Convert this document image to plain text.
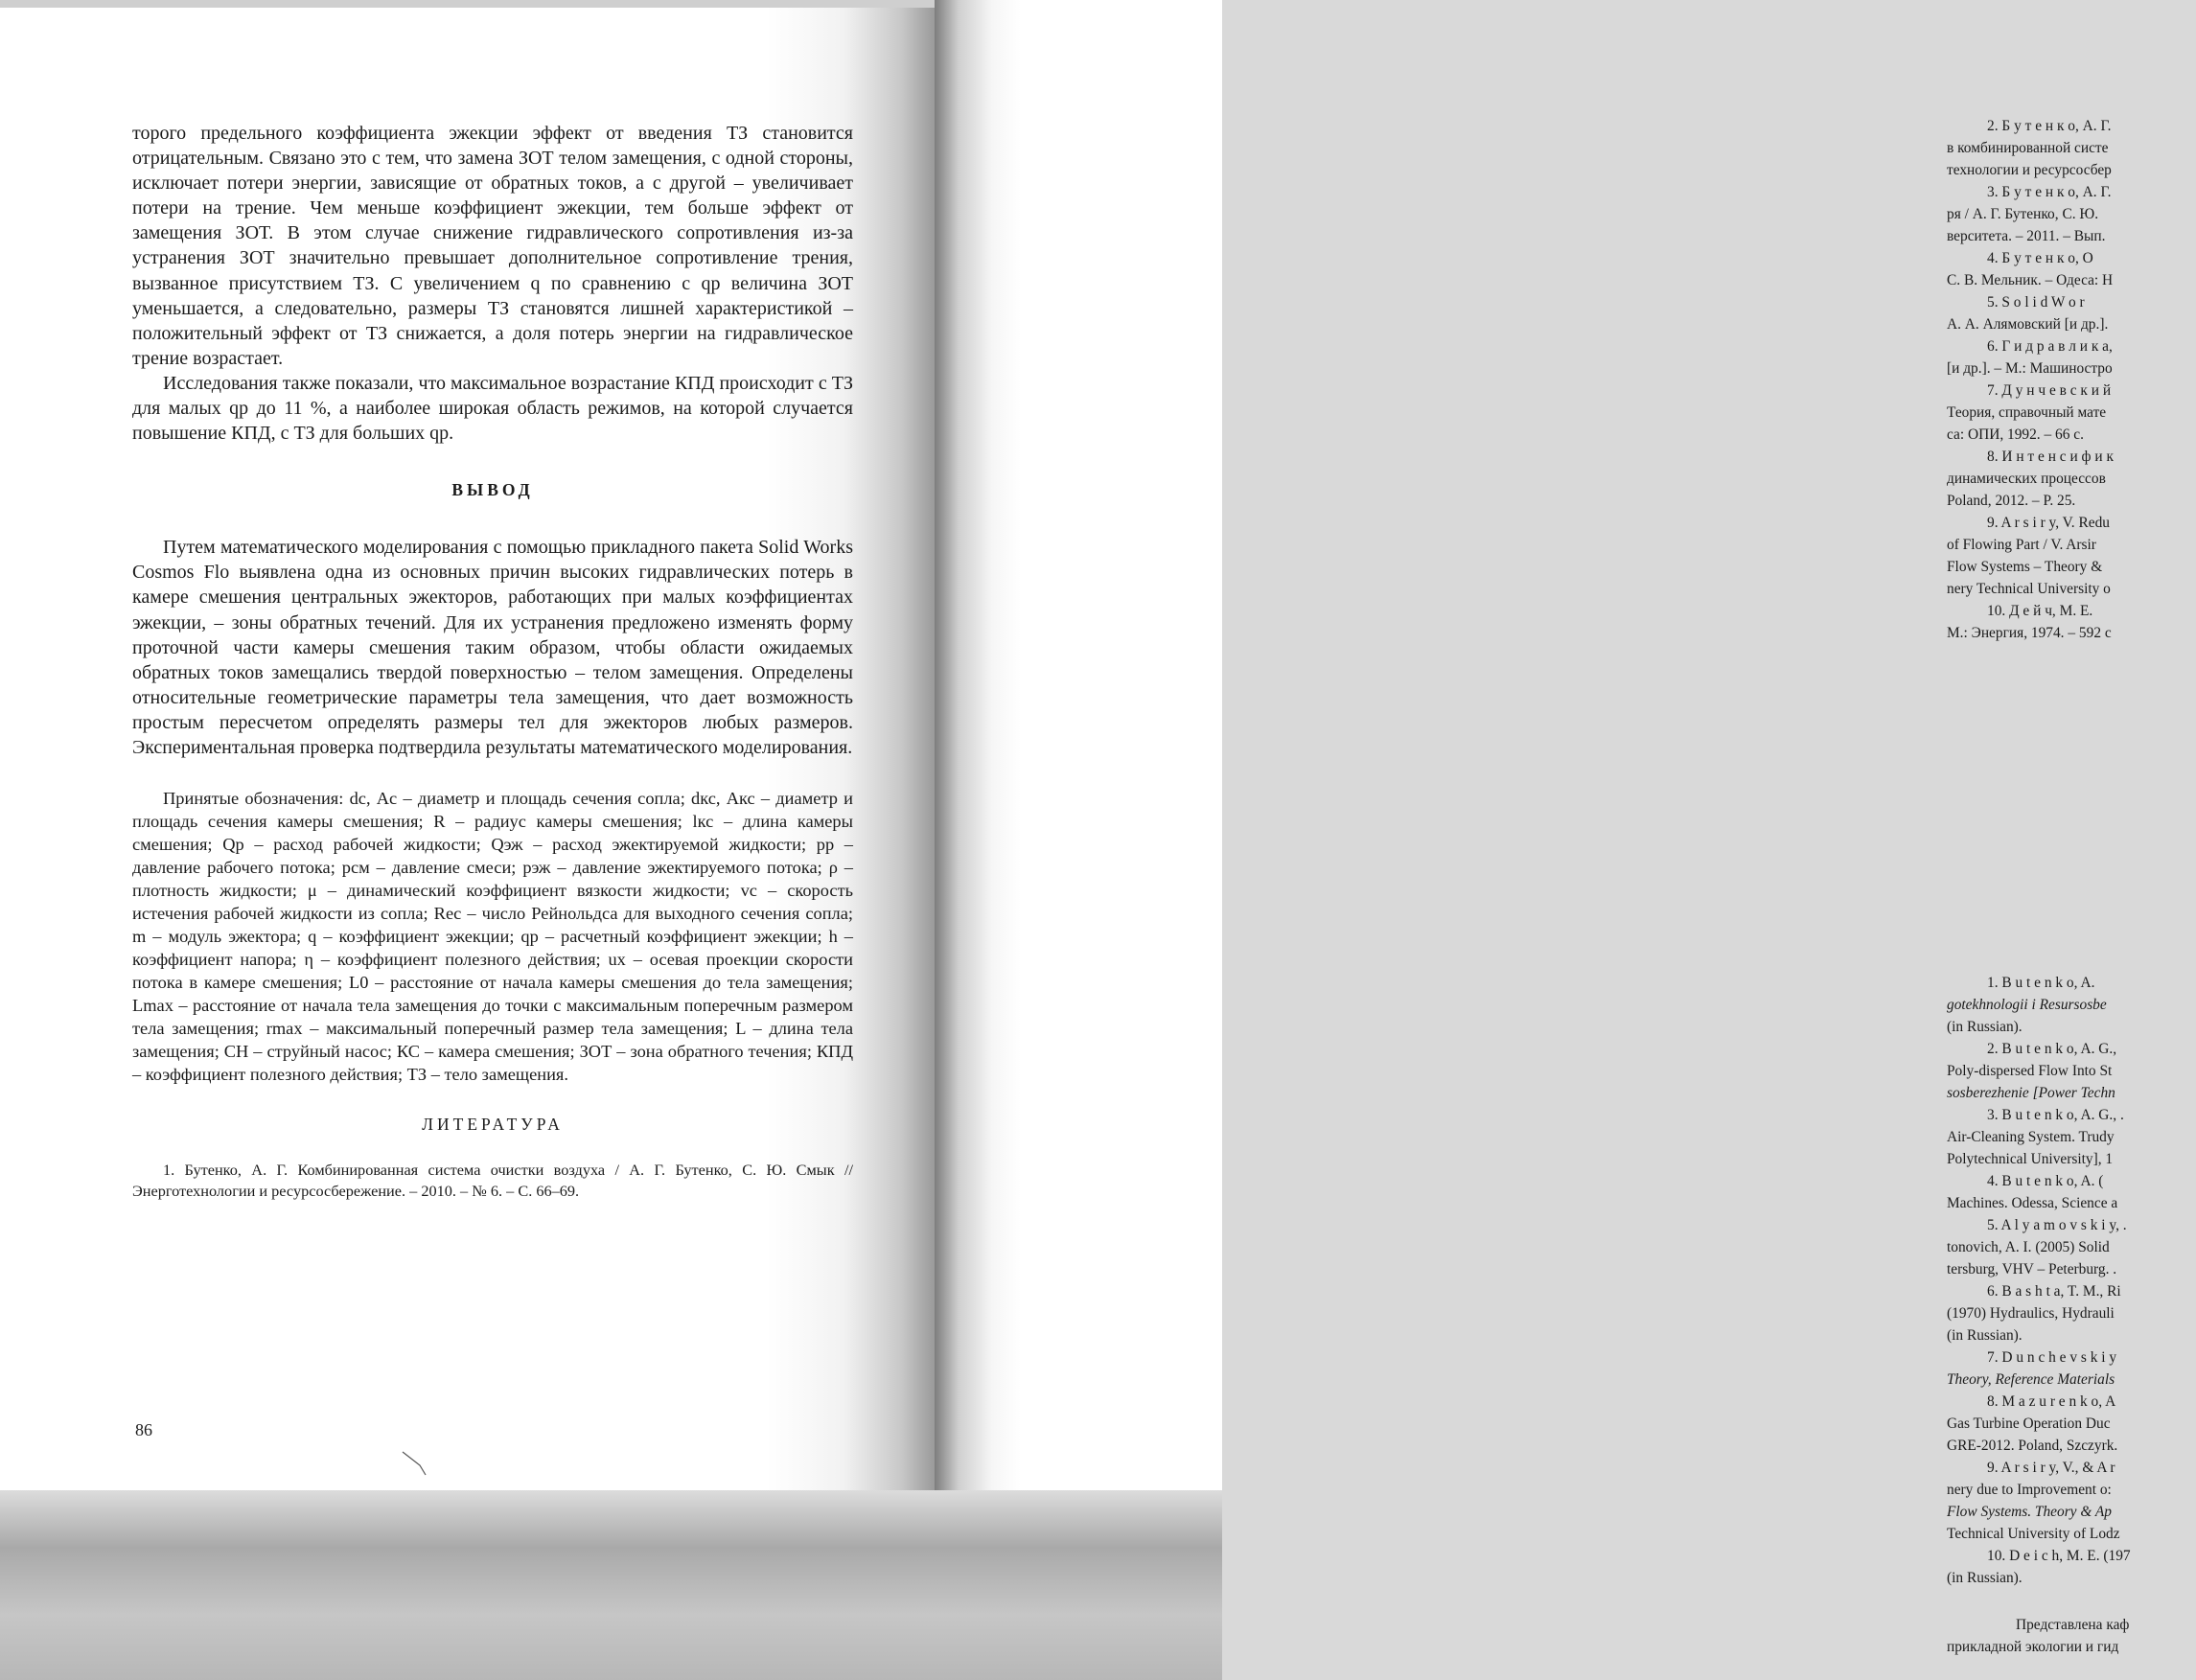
торого предельного коэффициента эжекции эффект от введения ТЗ становится отрицательным. Связано это с тем, что замена ЗОТ телом замещения, с одной стороны, исключает потери энергии, зависящие от обратных токов, а с другой – увеличивает потери на трение. Чем меньше коэффициент эжекции, тем больше эффект от замещения ЗОТ. В этом случае снижение гидравлического сопротивления из-за устранения ЗОТ значительно превышает дополнительное сопротивление трения, вызванное присутствием ТЗ. С увеличением q по сравнению с qр величина ЗОТ уменьшается, а следовательно, размеры ТЗ становятся лишней характеристикой – положительный эффект от ТЗ снижается, а доля потерь энергии на гидравлическое трение возрастает.

Исследования также показали, что максимальное возрастание КПД происходит с ТЗ для малых qр до 11 %, а наиболее широкая область режимов, на которой случается повышение КПД, с ТЗ для больших qр.

ВЫВОД

Путем математического моделирования с помощью прикладного пакета Solid Works Cosmos Flo выявлена одна из основных причин высоких гидравлических потерь в камере смешения центральных эжекторов, работающих при малых коэффициентах эжекции, – зоны обратных течений. Для их устранения предложено изменять форму проточной части камеры смешения таким образом, чтобы области ожидаемых обратных токов замещались твердой поверхностью – телом замещения. Определены относительные геометрические параметры тела замещения, что дает возможность простым пересчетом определять размеры тел для эжекторов любых размеров. Экспериментальная проверка подтвердила результаты математического моделирования.

Принятые обозначения: dс, Aс – диаметр и площадь сечения сопла; dкс, Aкс – диаметр и площадь сечения камеры смешения; R – радиус камеры смешения; lкс – длина камеры смешения; Qр – расход рабочей жидкости; Qэж – расход эжектируемой жидкости; pр – давление рабочего потока; pсм – давление смеси; pэж – давление эжектируемого потока; ρ – плотность жидкости; μ – динамический коэффициент вязкости жидкости; vс – скорость истечения рабочей жидкости из сопла; Reс – число Рейнольдса для выходного сечения сопла; m – модуль эжектора; q – коэффициент эжекции; qр – расчетный коэффициент эжекции; h – коэффициент напора; η – коэффициент полезного действия; ux – осевая проекции скорости потока в камере смешения; L0 – расстояние от начала камеры смешения до тела замещения; Lmax – расстояние от начала тела замещения до точки с максимальным поперечным размером тела замещения; rmax – максимальный поперечный размер тела замещения; L – длина тела замещения; СН – струйный насос; КС – камера смешения; ЗОТ – зона обратного течения; КПД – коэффициент полезного действия; ТЗ – тело замещения.

ЛИТЕРАТУРА

1. Бутенко, А. Г. Комбинированная система очистки воздуха / А. Г. Бутенко, С. Ю. Смык // Энерготехнологии и ресурсосбережение. – 2010. – № 6. – С. 66–69.

86
2. Б у т е н к о, А. Г.
в комбинированной систе
технологии и ресурсосбер
3. Б у т е н к о, А. Г.
ря / А. Г. Бутенко, С. Ю.
верситета. – 2011. – Вып.
4. Б у т е н к о, О
С. В. Мельник. – Одеса: Н
5. S o l i d W o r
А. А. Алямовский [и др.].
6. Г и д р а в л и к а,
[и др.]. – М.: Машиностро
7. Д у н ч е в с к и й
Теория, справочный мате
са: ОПИ, 1992. – 66 с.
8. И н т е н с и ф и к
динамических процессов
Poland, 2012. – P. 25.
9. A r s i r y, V. Redu
of Flowing Part / V. Arsir
Flow Systems – Theory &
nery Technical University o
10. Д е й ч, М. Е.
М.: Энергия, 1974. – 592 с
1. B u t e n k o, A.
gotekhnologii i Resursosbe
(in Russian).
2. B u t e n k o, A. G.,
Poly-dispersed Flow Into St
sosberezhenie [Power Techn
3. B u t e n k o, A. G., .
Air-Cleaning System. Trudy
Polytechnical University], 1
4. B u t e n k o, A. (
Machines. Odessa, Science a
5. A l y a m o v s k i y, .
tonovich, A. I. (2005) Solid
tersburg, VHV – Peterburg. .
6. B a s h t a, T. M., Ri
(1970) Hydraulics, Hydrauli
(in Russian).
7. D u n c h e v s k i y
Theory, Reference Materials
8. M a z u r e n k o, A
Gas Turbine Operation Duc
GRE-2012. Poland, Szczyrk.
9. A r s i r y, V., & A r
nery due to Improvement o:
Flow Systems. Theory & Ap
Technical University of Lodz
10. D e i c h, M. E. (197
(in Russian).
Представлена каф
прикладной экологии и гид
